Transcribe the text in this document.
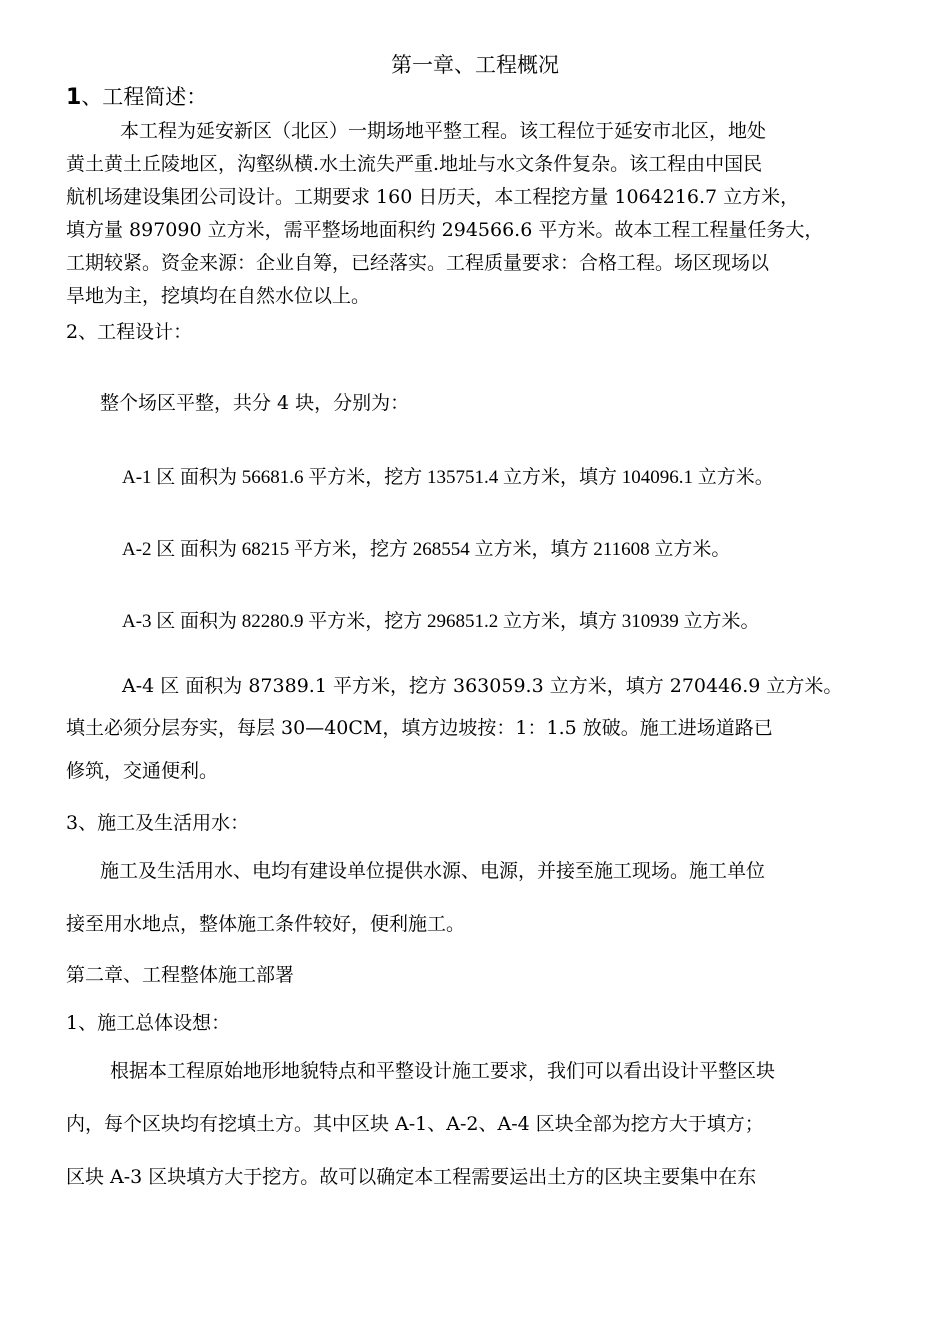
第一章、工程概况
1、工程简述：
本工程为延安新区（北区）一期场地平整工程。该工程位于延安市北区，地处
黄土黄土丘陵地区，沟壑纵横.水土流失严重.地址与水文条件复杂。该工程由中国民
航机场建设集团公司设计。工期要求 160 日历天，本工程挖方量 1064216.7 立方米，
填方量 897090 立方米，需平整场地面积约 294566.6 平方米。故本工程工程量任务大，
工期较紧。资金来源：企业自筹，已经落实。工程质量要求：合格工程。场区现场以
旱地为主，挖填均在自然水位以上。
2、工程设计：
整个场区平整，共分 4 块，分别为：
A-1 区 面积为 56681.6 平方米，挖方 135751.4 立方米，填方 104096.1 立方米。
A-2 区 面积为 68215 平方米，挖方 268554 立方米，填方 211608 立方米。
A-3 区 面积为 82280.9 平方米，挖方 296851.2 立方米，填方 310939 立方米。
A-4 区 面积为 87389.1 平方米，挖方 363059.3 立方米，填方 270446.9 立方米。
填土必须分层夯实，每层 30—40CM，填方边坡按：1：1.5 放破。施工进场道路已
修筑，交通便利。
3、施工及生活用水：
施工及生活用水、电均有建设单位提供水源、电源，并接至施工现场。施工单位
接至用水地点，整体施工条件较好，便利施工。
第二章、工程整体施工部署
1、施工总体设想：
根据本工程原始地形地貌特点和平整设计施工要求，我们可以看出设计平整区块
内，每个区块均有挖填土方。其中区块 A-1、A-2、A-4 区块全部为挖方大于填方；
区块 A-3 区块填方大于挖方。故可以确定本工程需要运出土方的区块主要集中在东
